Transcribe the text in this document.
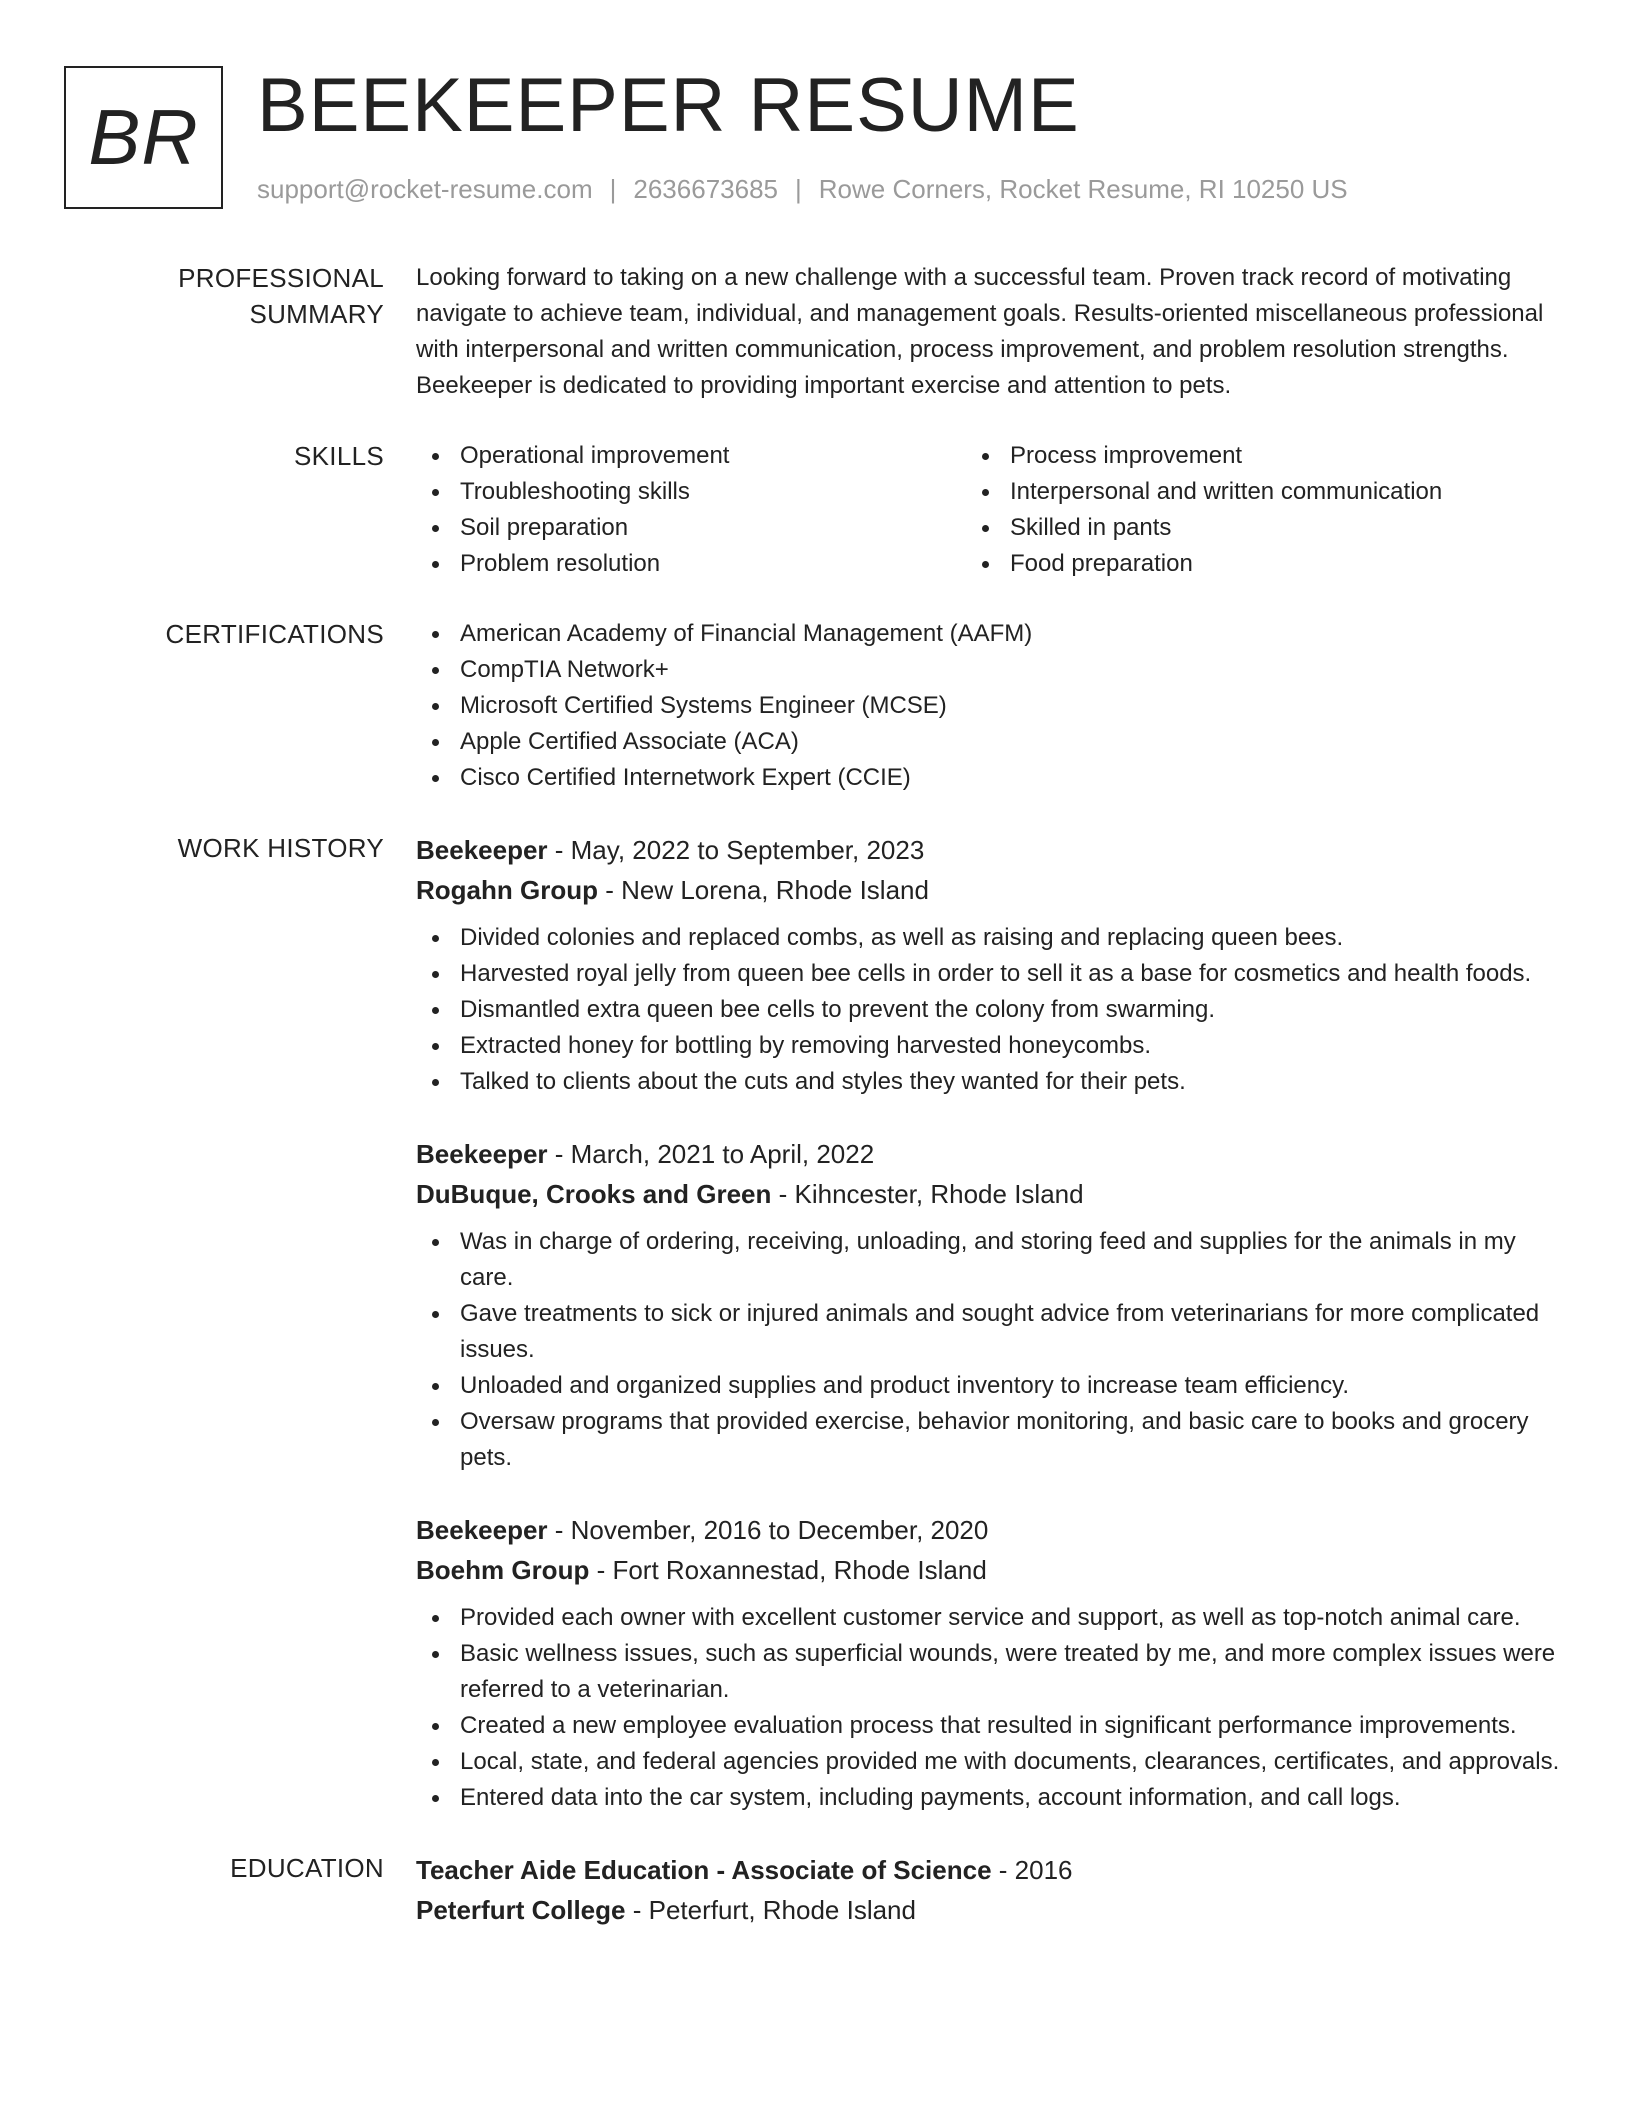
BR BEEKEEPER RESUME
support@rocket-resume.com | 2636673685 | Rowe Corners, Rocket Resume, RI 10250 US
PROFESSIONAL SUMMARY
Looking forward to taking on a new challenge with a successful team. Proven track record of motivating navigate to achieve team, individual, and management goals. Results-oriented miscellaneous professional with interpersonal and written communication, process improvement, and problem resolution strengths. Beekeeper is dedicated to providing important exercise and attention to pets.
SKILLS	Operational improvement
Troubleshooting skills
Soil preparation
Problem resolution
Process improvement
Interpersonal and written communication
Skilled in pants
Food preparation
CERTIFICATIONS	American Academy of Financial Management (AAFM)
CompTIA Network+
Microsoft Certified Systems Engineer (MCSE)
Apple Certified Associate (ACA)
Cisco Certified Internetwork Expert (CCIE)
WORK HISTORY	Beekeeper - May, 2022 to September, 2023
Rogahn Group - New Lorena, Rhode Island
Divided colonies and replaced combs, as well as raising and replacing queen bees.
Harvested royal jelly from queen bee cells in order to sell it as a base for cosmetics and health foods.
Dismantled extra queen bee cells to prevent the colony from swarming.
Extracted honey for bottling by removing harvested honeycombs.
Talked to clients about the cuts and styles they wanted for their pets.
Beekeeper - March, 2021 to April, 2022
DuBuque, Crooks and Green - Kihncester, Rhode Island
Was in charge of ordering, receiving, unloading, and storing feed and supplies for the animals in my care.
Gave treatments to sick or injured animals and sought advice from veterinarians for more complicated issues.
Unloaded and organized supplies and product inventory to increase team efficiency.
Oversaw programs that provided exercise, behavior monitoring, and basic care to books and grocery pets.
Beekeeper - November, 2016 to December, 2020
Boehm Group - Fort Roxannestad, Rhode Island
Provided each owner with excellent customer service and support, as well as top-notch animal care.
Basic wellness issues, such as superficial wounds, were treated by me, and more complex issues were referred to a veterinarian.
Created a new employee evaluation process that resulted in significant performance improvements.
Local, state, and federal agencies provided me with documents, clearances, certificates, and approvals.
Entered data into the car system, including payments, account information, and call logs.
EDUCATION	Teacher Aide Education - Associate of Science - 2016
Peterfurt College - Peterfurt, Rhode Island
